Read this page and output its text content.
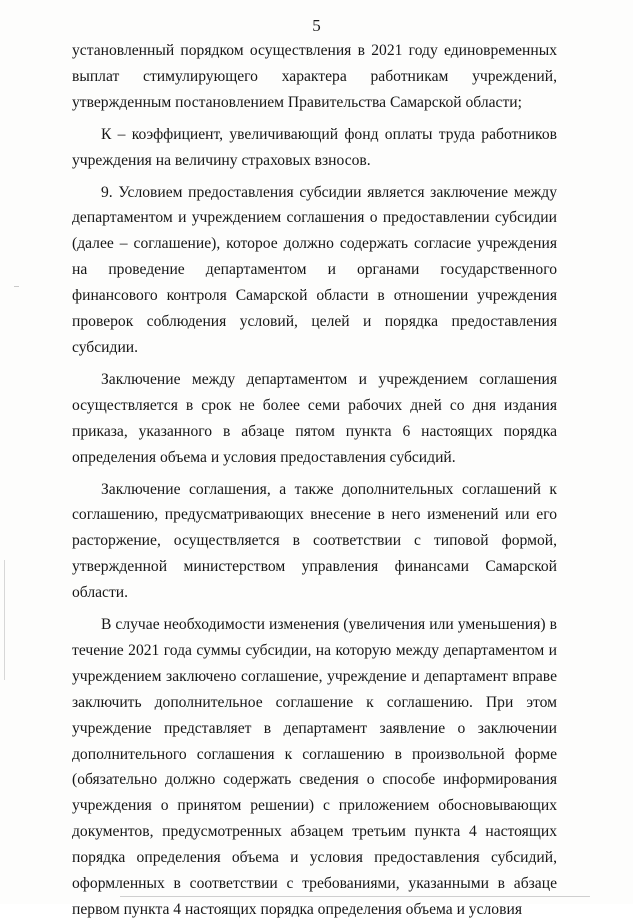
5

установленный порядком осуществления в 2021 году единовременных выплат стимулирующего характера работникам учреждений, утвержденным постановлением Правительства Самарской области;

К – коэффициент, увеличивающий фонд оплаты труда работников учреждения на величину страховых взносов.

9. Условием предоставления субсидии является заключение между департаментом и учреждением соглашения о предоставлении субсидии (далее – соглашение), которое должно содержать согласие учреждения на проведение департаментом и органами государственного финансового контроля Самарской области в отношении учреждения проверок соблюдения условий, целей и порядка предоставления субсидии.

Заключение между департаментом и учреждением соглашения осуществляется в срок не более семи рабочих дней со дня издания приказа, указанного в абзаце пятом пункта 6 настоящих порядка определения объема и условия предоставления субсидий.

Заключение соглашения, а также дополнительных соглашений к соглашению, предусматривающих внесение в него изменений или его расторжение, осуществляется в соответствии с типовой формой, утвержденной министерством управления финансами Самарской области.

В случае необходимости изменения (увеличения или уменьшения) в течение 2021 года суммы субсидии, на которую между департаментом и учреждением заключено соглашение, учреждение и департамент вправе заключить дополнительное соглашение к соглашению. При этом учреждение представляет в департамент заявление о заключении дополнительного соглашения к соглашению в произвольной форме (обязательно должно содержать сведения о способе информирования учреждения о принятом решении) с приложением обосновывающих документов, предусмотренных абзацем третьим пункта 4 настоящих порядка определения объема и условия предоставления субсидий, оформленных в соответствии с требованиями, указанными в абзаце первом пункта 4 настоящих порядка определения объема и условия
